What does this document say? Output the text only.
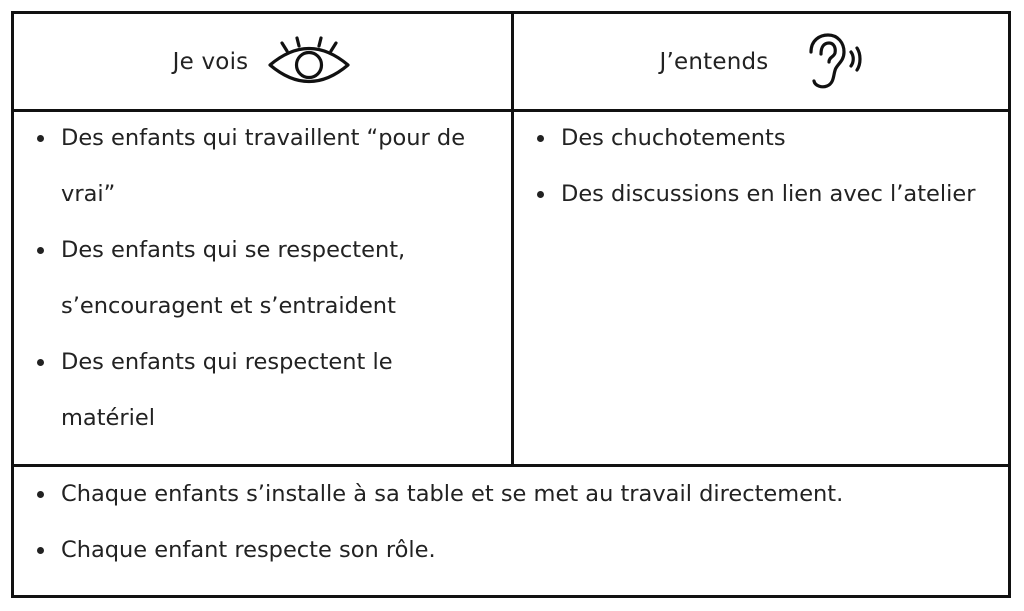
Je vois	J’entends
Des enfants qui travaillent “pour de vrai”
Des enfants qui se respectent, s’encouragent et s’entraident
Des enfants qui respectent le matériel
Des chuchotements
Des discussions en lien avec l’atelier
Chaque enfants s’installe à sa table et se met au travail directement.
Chaque enfant respecte son rôle.
